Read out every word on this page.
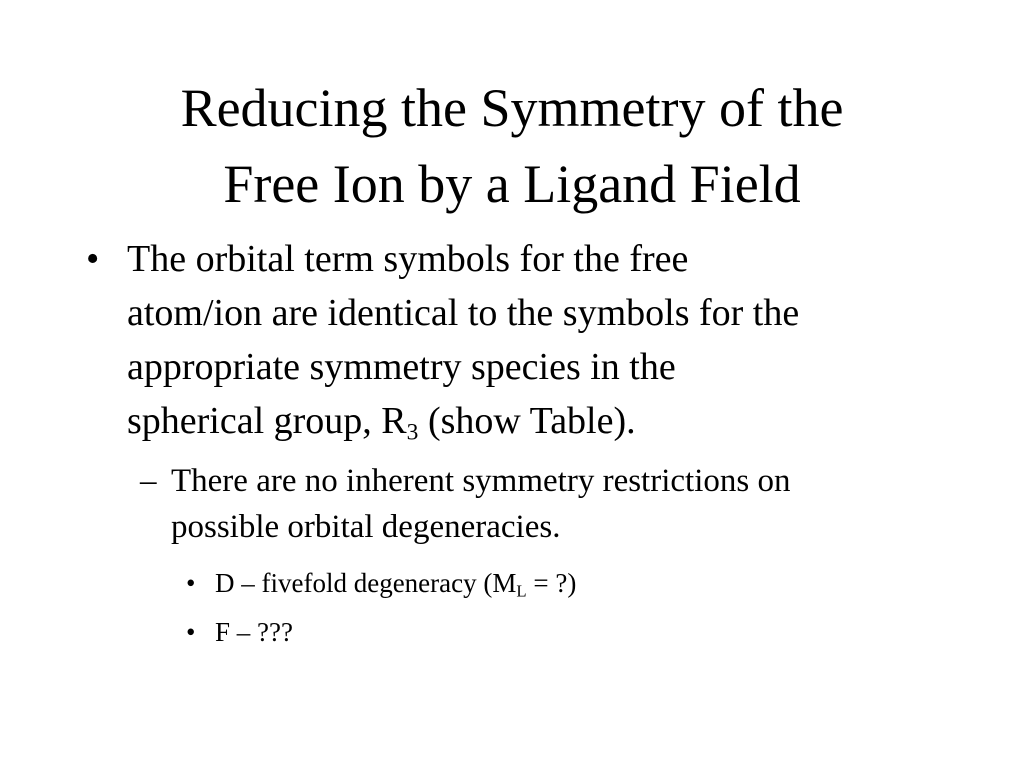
Reducing the Symmetry of the
Free Ion by a Ligand Field
• The orbital term symbols for the free
atom/ion are identical to the symbols for the
appropriate symmetry species in the
spherical group, $R_3$ (show Table).
– There are no inherent symmetry restrictions on
possible orbital degeneracies.
• D – fivefold degeneracy ($M_L$ = ?)
• F – ???
